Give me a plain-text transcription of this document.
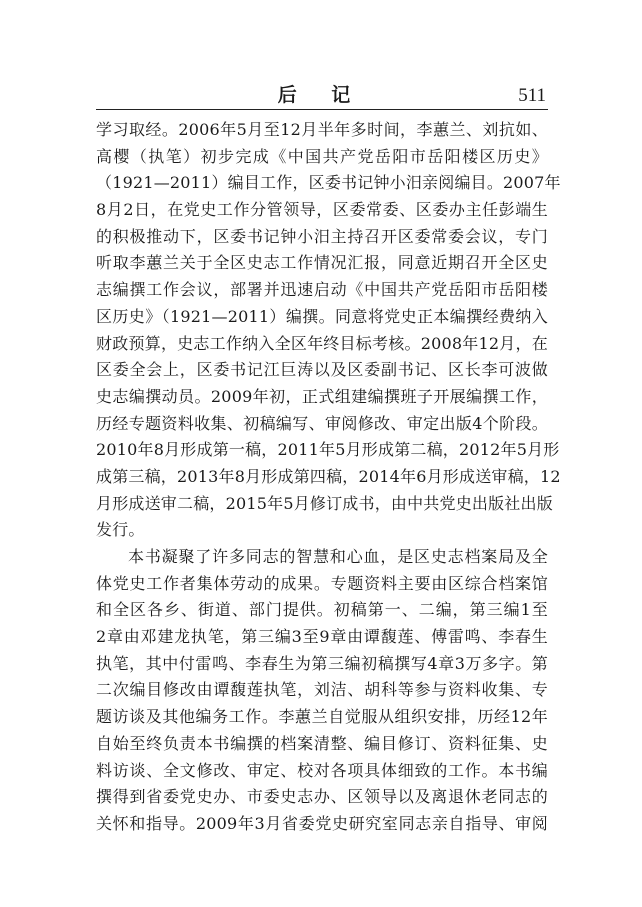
后 记	511
学习取经。2006年5月至12月半年多时间，李蕙兰、刘抗如、
高樱（执笔）初步完成《中国共产党岳阳市岳阳楼区历史》
（1921—2011）编目工作，区委书记钟小汨亲阅编目。2007年
8月2日，在党史工作分管领导，区委常委、区委办主任彭端生
的积极推动下，区委书记钟小汨主持召开区委常委会议，专门
听取李蕙兰关于全区史志工作情况汇报，同意近期召开全区史
志编撰工作会议，部署并迅速启动《中国共产党岳阳市岳阳楼
区历史》（1921—2011）编撰。同意将党史正本编撰经费纳入
财政预算，史志工作纳入全区年终目标考核。2008年12月，在
区委全会上，区委书记江巨涛以及区委副书记、区长李可波做
史志编撰动员。2009年初，正式组建编撰班子开展编撰工作，
历经专题资料收集、初稿编写、审阅修改、审定出版4个阶段。
2010年8月形成第一稿，2011年5月形成第二稿，2012年5月形
成第三稿，2013年8月形成第四稿，2014年6月形成送审稿，12
月形成送审二稿，2015年5月修订成书，由中共党史出版社出版
发行。
本书凝聚了许多同志的智慧和心血，是区史志档案局及全
体党史工作者集体劳动的成果。专题资料主要由区综合档案馆
和全区各乡、街道、部门提供。初稿第一、二编，第三编1至
2章由邓建龙执笔，第三编3至9章由谭馥莲、傅雷鸣、李春生
执笔，其中付雷鸣、李春生为第三编初稿撰写4章3万多字。第
二次编目修改由谭馥莲执笔，刘洁、胡科等参与资料收集、专
题访谈及其他编务工作。李蕙兰自觉服从组织安排，历经12年
自始至终负责本书编撰的档案清整、编目修订、资料征集、史
料访谈、全文修改、审定、校对各项具体细致的工作。本书编
撰得到省委党史办、市委史志办、区领导以及离退休老同志的
关怀和指导。2009年3月省委党史研究室同志亲自指导、审阅
